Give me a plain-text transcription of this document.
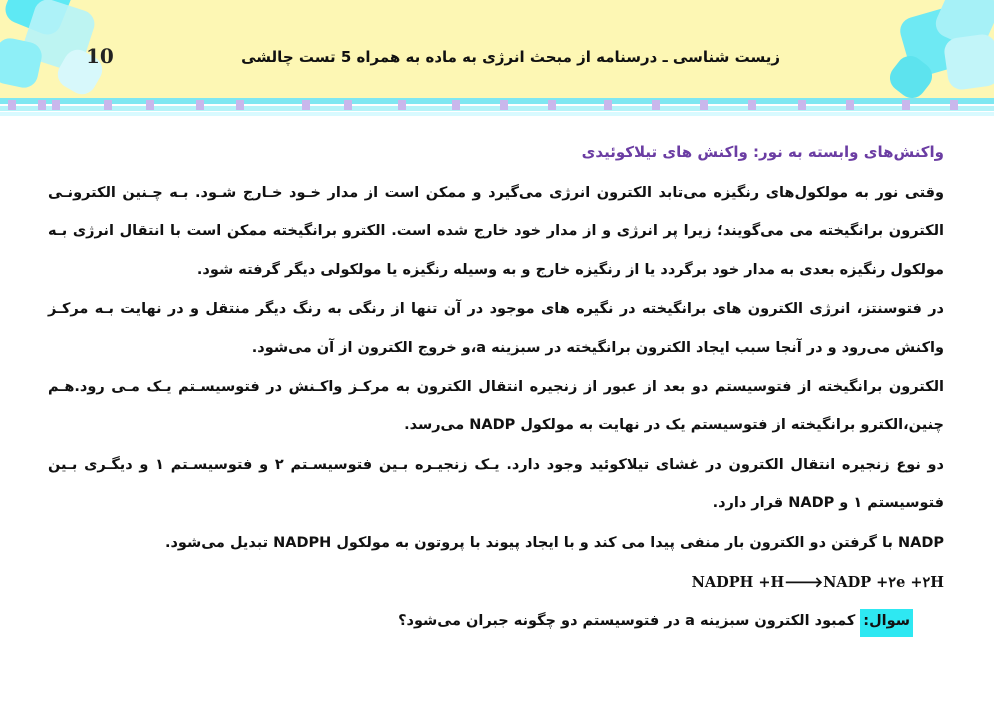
10	زیست شناسی ـ درسنامه از مبحث انرژی به ماده به همراه 5 تست چالشی
واکنش‌های وابسته به نور: واکنش های تیلاکوئیدی

وقتی نور به مولکول‌های رنگیزه می‌تابد الکترون انرژی می‌گیرد و ممکن است از مدار خـود خـارج شـود. بـه چـنین الکترونـی الکترون برانگیخته می می‌گویند؛ زیرا پر انرژی و از مدار خود خارج شده است. الکترو برانگیخته ممکن است با انتقال انرژی بـه مولکول رنگیزه بعدی به مدار خود برگردد یا از رنگیزه خارج و به وسیله رنگیزه یا مولکولی دیگر گرفته شود.

در فتوسنتز، انرژی الکترون های برانگیخته در نگیره های موجود در آن تنها از رنگی به رنگ دیگر منتقل و در نهایت بـه مرکـز واکنش می‌رود و در آنجا سبب ایجاد الکترون برانگیخته در سبزینه a،و خروج الکترون از آن می‌شود.

الکترون برانگیخته از فتوسیستم ‌دو بعد از عبور از زنجیره انتقال الکترون به مرکـز واکـنش در فتوسیسـتم یـک مـی رود.هـم چنین،الکترو برانگیخته از فتوسیستم یک در نهایت به مولکول NADP می‌رسد.

دو نوع زنجیره انتقال الکترون در غشای تیلاکوئید وجود دارد. یـک زنجیـره بـین فتوسیسـتم ۲ و فتوسیسـتم ۱ و دیگـری بـین فتوسیستم ۱ و NADP قرار دارد.

NADP با گرفتن دو الکترون بار منفی پیدا می کند و با ایجاد پیوند با پروتون به مولکول NADPH تبدیل می‌شود.

NADPH +H🡒NADP +۲e +۲H

سوال: کمبود الکترون سبزینه a در فتوسیستم دو چگونه جبران می‌شود؟
